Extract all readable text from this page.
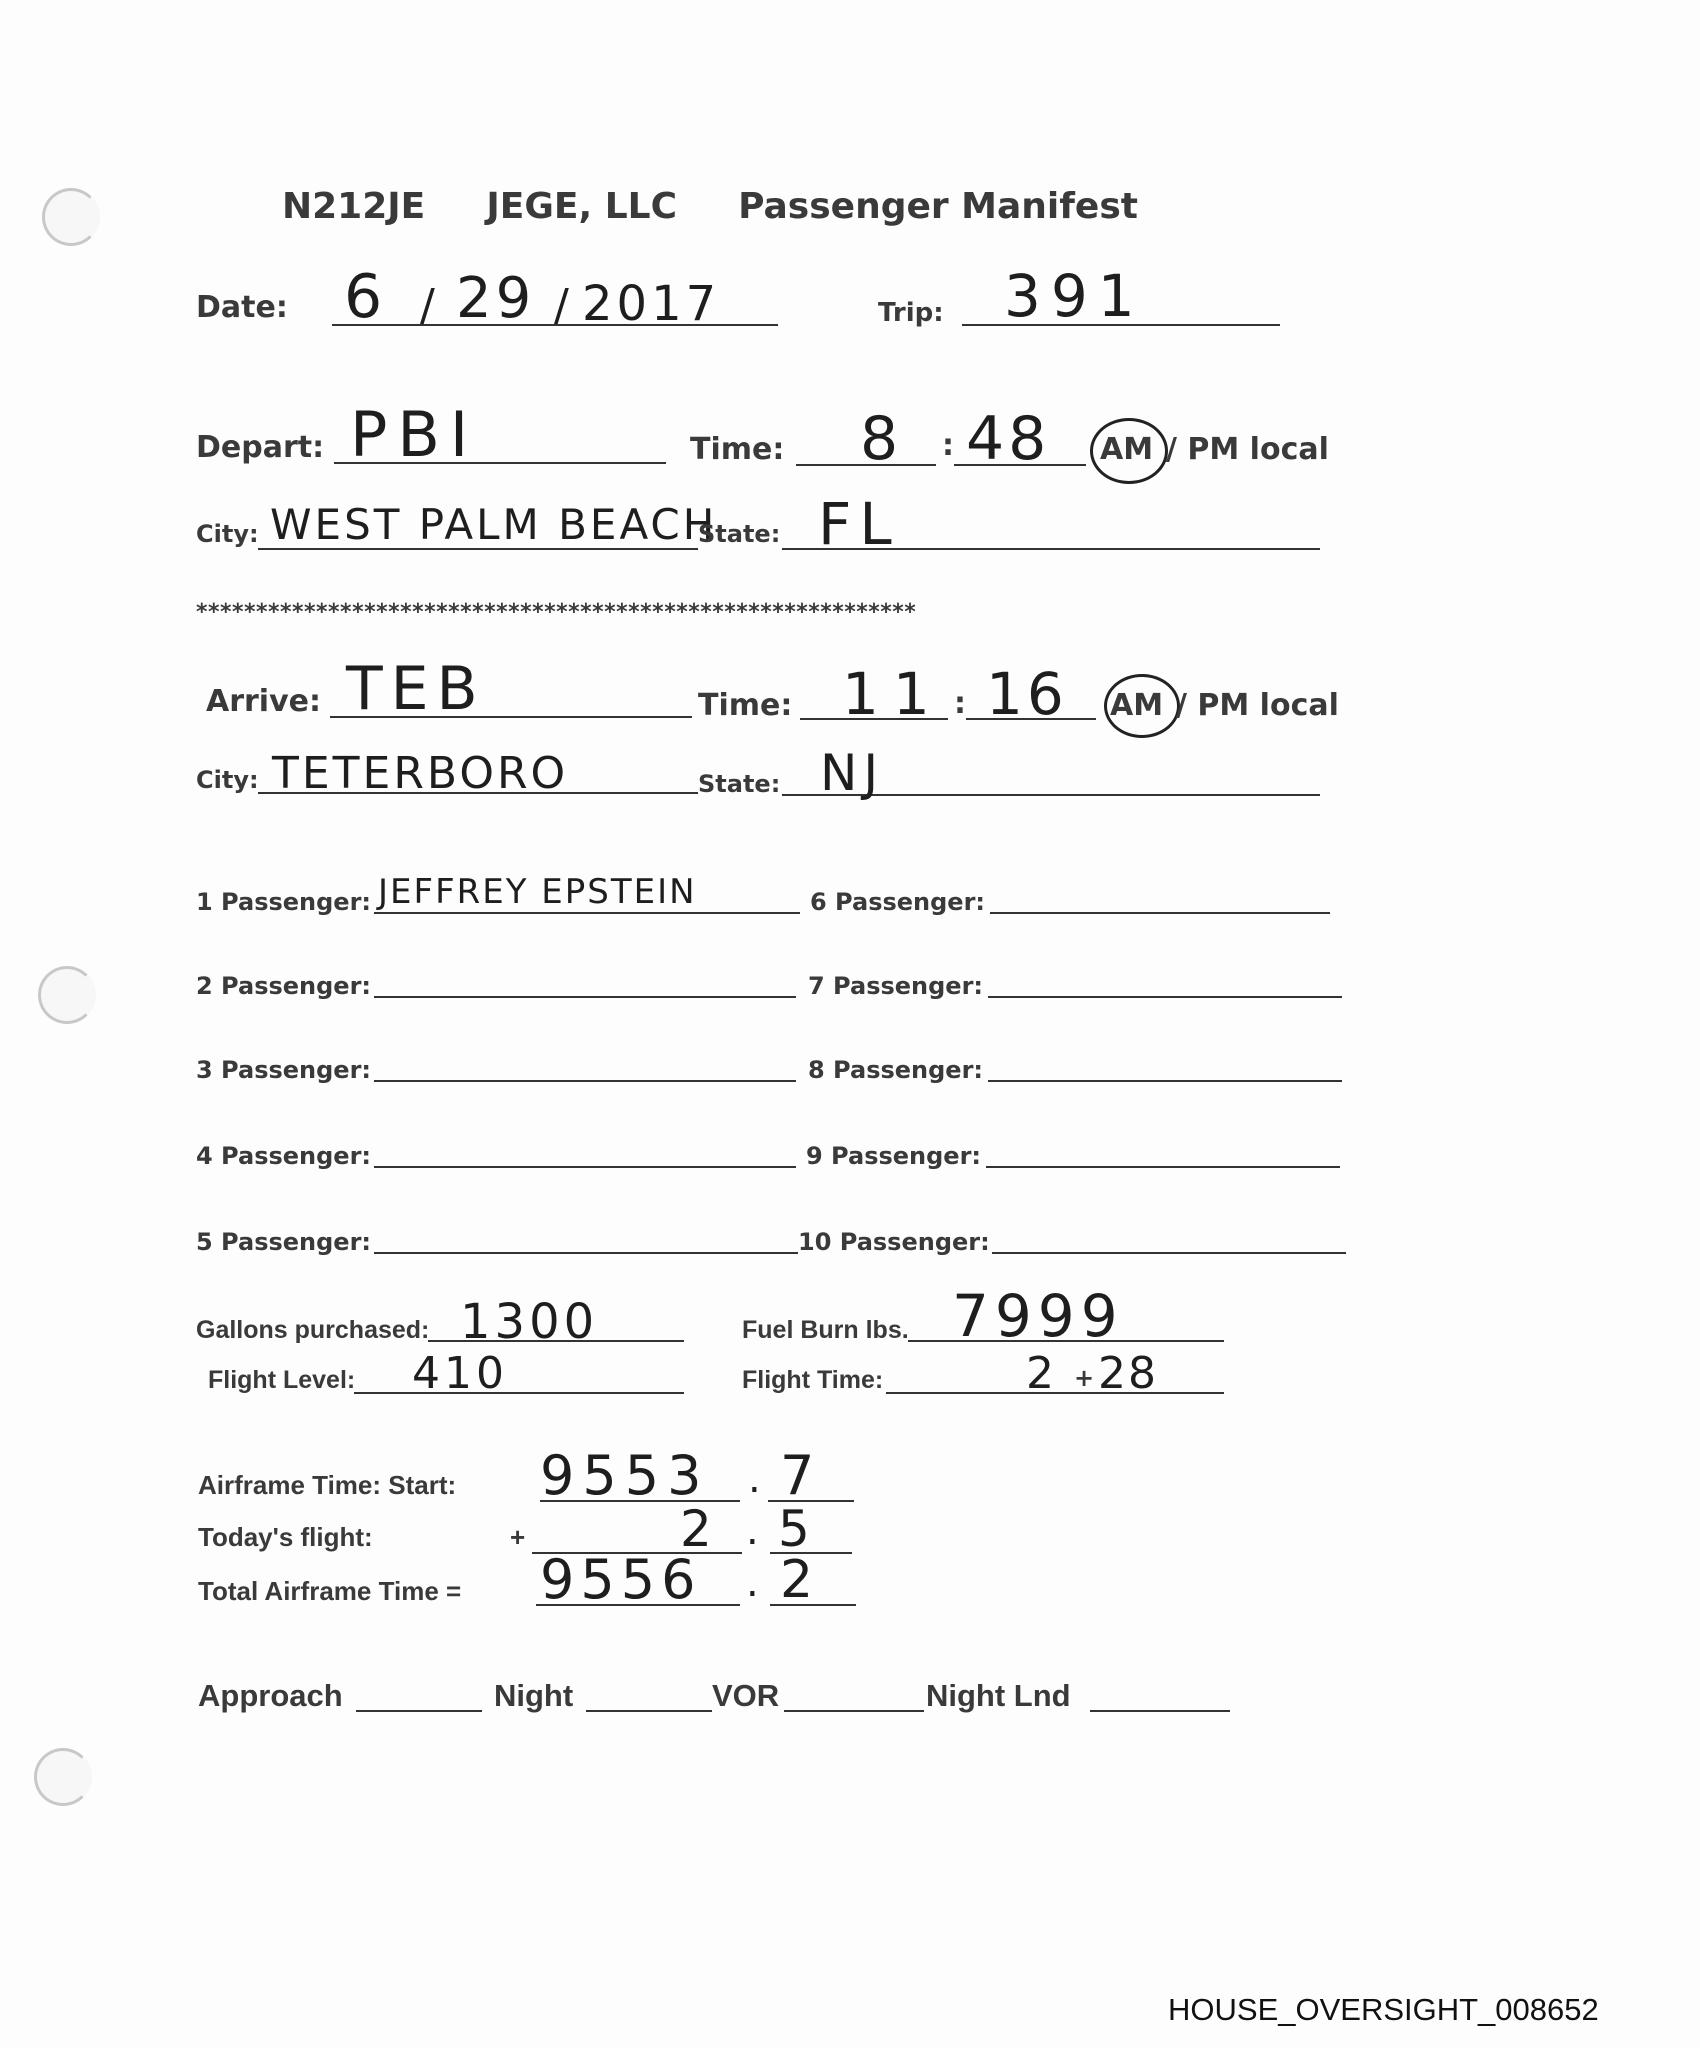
N212JE JEGE, LLC Passenger Manifest
Date: 6 / 29 / 2017	Trip: 391
Depart: PBI	Time: 8 : 48 AM / PM local
City: WEST PALM BEACH
State: FL
************************************************************
Arrive: TEB	Time: 11 : 16 AM / PM local
City: TETERBORO	State: NJ
1 Passenger: JEFFREY EPSTEIN
2 Passenger:
3 Passenger:
4 Passenger:
5 Passenger:
6 Passenger:
7 Passenger:
8 Passenger:
9 Passenger:
10 Passenger:
Gallons purchased: 1300	Fuel Burn lbs. 7999
Flight Level: 410	Flight Time:	2 + 28
Airframe Time: Start: 9553 . 7
Today's flight:	+	2 . 5
Total Airframe Time = 9556 . 2
Approach	Night	VOR	Night Lnd
HOUSE_OVERSIGHT_008652
